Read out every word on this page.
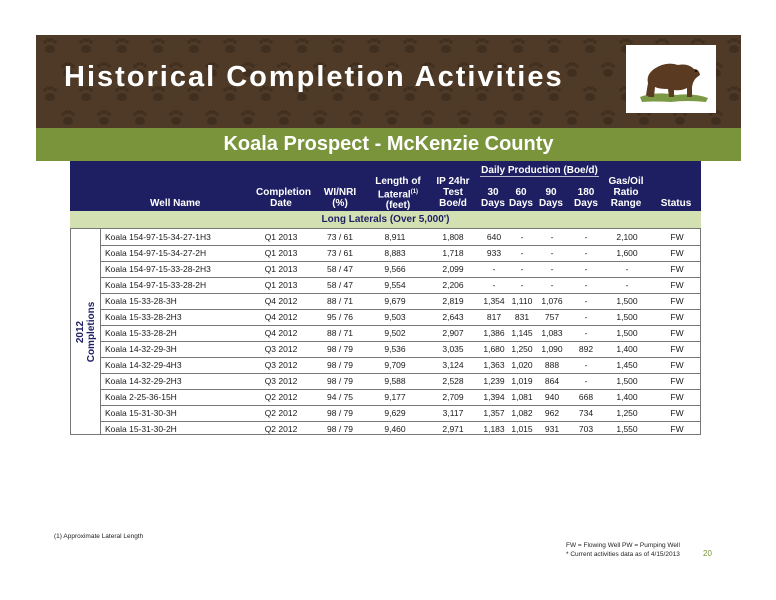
Historical Completion Activities
Koala Prospect - McKenzie County
Well Name
Completion
Date
WI/NRI
(%)
Length of
Lateral$^{(1)}$
(feet)
IP 24hr
Test
Boe/d
Daily Production (Boe/d)
30
Days
60
Days
90
Days
180
Days
Gas/Oil
Ratio
Range	Status
Long Laterals (Over 5,000')
2012 Completions
Koala 154-97-15-34-27-1H3	Q1 2013	73 / 61	8,911	1,808	640	-	-	-	2,100	FW
Koala 154-97-15-34-27-2H	Q1 2013	73 / 61	8,883	1,718	933	-	-	-	1,600	FW
Koala 154-97-15-33-28-2H3	Q1 2013	58 / 47	9,566	2,099	-	-	-	-	-	FW
Koala 154-97-15-33-28-2H	Q1 2013	58 / 47	9,554	2,206	-	-	-	-	-	FW
Koala 15-33-28-3H	Q4 2012	88 / 71	9,679	2,819	1,354 1,110	1,076	-	1,500	FW
Koala 15-33-28-2H3	Q4 2012	95 / 76	9,503	2,643	817	831	757	-	1,500	FW
Koala 15-33-28-2H	Q4 2012	88 / 71	9,502	2,907	1,386 1,145	1,083	-	1,500	FW
Koala 14-32-29-3H	Q3 2012	98 / 79	9,536	3,035	1,680 1,250	1,090	892	1,400	FW
Koala 14-32-29-4H3	Q3 2012	98 / 79	9,709	3,124	1,363 1,020	888	-	1,450	FW
Koala 14-32-29-2H3	Q3 2012	98 / 79	9,588	2,528	1,239 1,019	864	-	1,500	FW
Koala 2-25-36-15H	Q2 2012	94 / 75	9,177	2,709	1,394 1,081	940	668	1,400	FW
Koala 15-31-30-3H	Q2 2012	98 / 79	9,629	3,117	1,357 1,082	962	734	1,250	FW
Koala 15-31-30-2H	Q2 2012	98 / 79	9,460	2,971	1,183 1,015	931	703	1,550	FW
(1) Approximate Lateral Length
FW = Flowing Well PW = Pumping Well
* Current activities data as of 4/15/2013	20
